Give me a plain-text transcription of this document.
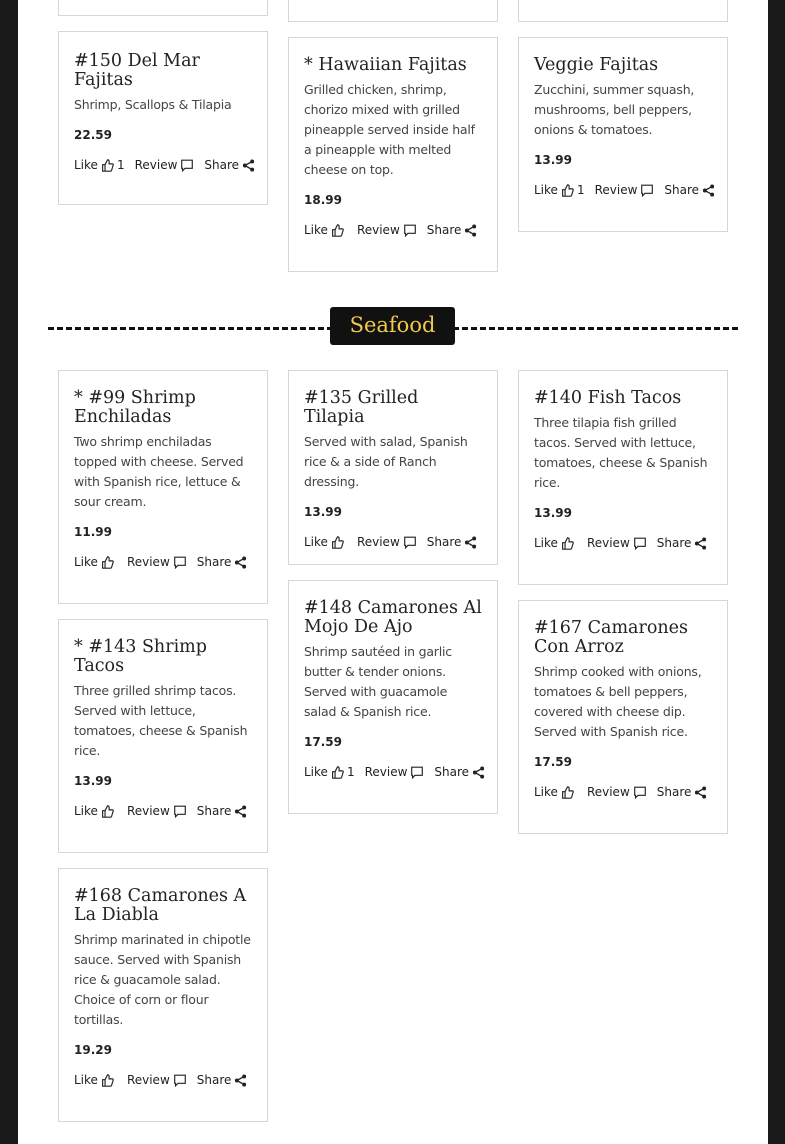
#150 Del Mar Fajitas

Shrimp, Scallops & Tilapia

22.59
Like 1 Review Share
* Hawaiian Fajitas

Grilled chicken, shrimp, chorizo mixed with grilled pineapple served inside half a pineapple with melted cheese on top.

18.99
Like Review Share
Veggie Fajitas

Zucchini, summer squash, mushrooms, bell peppers, onions & tomatoes.

13.99
Like 1 Review Share
Seafood
* #99 Shrimp Enchiladas

Two shrimp enchiladas topped with cheese. Served with Spanish rice, lettuce & sour cream.

11.99
Like Review Share
* #143 Shrimp Tacos

Three grilled shrimp tacos. Served with lettuce, tomatoes, cheese & Spanish rice.

13.99
Like Review Share
#168 Camarones A La Diabla

Shrimp marinated in chipotle sauce. Served with Spanish rice & guacamole salad. Choice of corn or flour tortillas.

19.29
Like Review Share
#135 Grilled Tilapia

Served with salad, Spanish rice & a side of Ranch dressing.

13.99
Like Review Share
#148 Camarones Al Mojo De Ajo

Shrimp sautéed in garlic butter & tender onions. Served with guacamole salad & Spanish rice.

17.59
Like 1 Review Share
#140 Fish Tacos

Three tilapia fish grilled tacos. Served with lettuce, tomatoes, cheese & Spanish rice.

13.99
Like Review Share
#167 Camarones Con Arroz

Shrimp cooked with onions, tomatoes & bell peppers, covered with cheese dip. Served with Spanish rice.

17.59
Like Review Share
